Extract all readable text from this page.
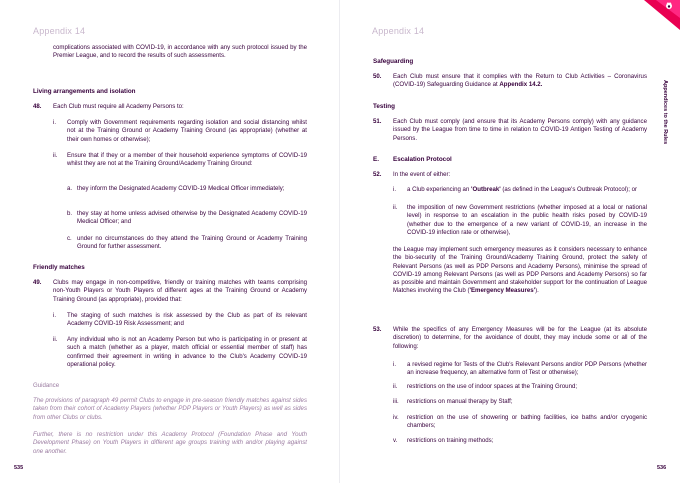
Appendix 14	Appendix 14
complications associated with COVID-19, in accordance with any such protocol issued by the Premier League, and to record the results of such assessments.
Living arrangements and isolation
48. Each Club must require all Academy Persons to:
i. Comply with Government requirements regarding isolation and social distancing whilst not at the Training Ground or Academy Training Ground (as appropriate) (whether at their own homes or otherwise);
ii. Ensure that if they or a member of their household experience symptoms of COVID-19 whilst they are not at the Training Ground/Academy Training Ground:
a. they inform the Designated Academy COVID-19 Medical Officer immediately;
b. they stay at home unless advised otherwise by the Designated Academy COVID-19 Medical Officer; and
c. under no circumstances do they attend the Training Ground or Academy Training Ground for further assessment.
Friendly matches
49. Clubs may engage in non-competitive, friendly or training matches with teams comprising non-Youth Players or Youth Players of different ages at the Training Ground or Academy Training Ground (as appropriate), provided that:
i. The staging of such matches is risk assessed by the Club as part of its relevant Academy COVID-19 Risk Assessment; and
ii. Any individual who is not an Academy Person but who is participating in or present at such a match (whether as a player, match official or essential member of staff) has confirmed their agreement in writing in advance to the Club's Academy COVID-19 operational policy.
Guidance
The provisions of paragraph 49 permit Clubs to engage in pre-season friendly matches against sides taken from their cohort of Academy Players (whether PDP Players or Youth Players) as well as sides from other Clubs or clubs.
Further, there is no restriction under this Academy Protocol (Foundation Phase and Youth Development Phase) on Youth Players in different age groups training with and/or playing against one another.
535
Safeguarding
50. Each Club must ensure that it complies with the Return to Club Activities – Coronavirus (COVID-19) Safeguarding Guidance at Appendix 14.2.
Testing
51. Each Club must comply (and ensure that its Academy Persons comply) with any guidance issued by the League from time to time in relation to COVID-19 Antigen Testing of Academy Persons.
E. Escalation Protocol
52. In the event of either:
i. a Club experiencing an 'Outbreak' (as defined in the League's Outbreak Protocol); or
ii. the imposition of new Government restrictions (whether imposed at a local or national level) in response to an escalation in the public health risks posed by COVID-19 (whether due to the emergence of a new variant of COVID-19, an increase in the COVID-19 infection rate or otherwise),
the League may implement such emergency measures as it considers necessary to enhance the bio-security of the Training Ground/Academy Training Ground, protect the safety of Relevant Persons (as well as PDP Persons and Academy Persons), minimise the spread of COVID-19 among Relevant Persons (as well as PDP Persons and Academy Persons) so far as possible and maintain Government and stakeholder support for the continuation of League Matches involving the Club ('Emergency Measures').
53. While the specifics of any Emergency Measures will be for the League (at its absolute discretion) to determine, for the avoidance of doubt, they may include some or all of the following:
i. a revised regime for Tests of the Club's Relevant Persons and/or PDP Persons (whether an increase frequency, an alternative form of Test or otherwise);
ii. restrictions on the use of indoor spaces at the Training Ground;
iii. restrictions on manual therapy by Staff;
iv. restriction on the use of showering or bathing facilities, ice baths and/or cryogenic chambers;
v. restrictions on training methods;
536
Appendices to the Rules
